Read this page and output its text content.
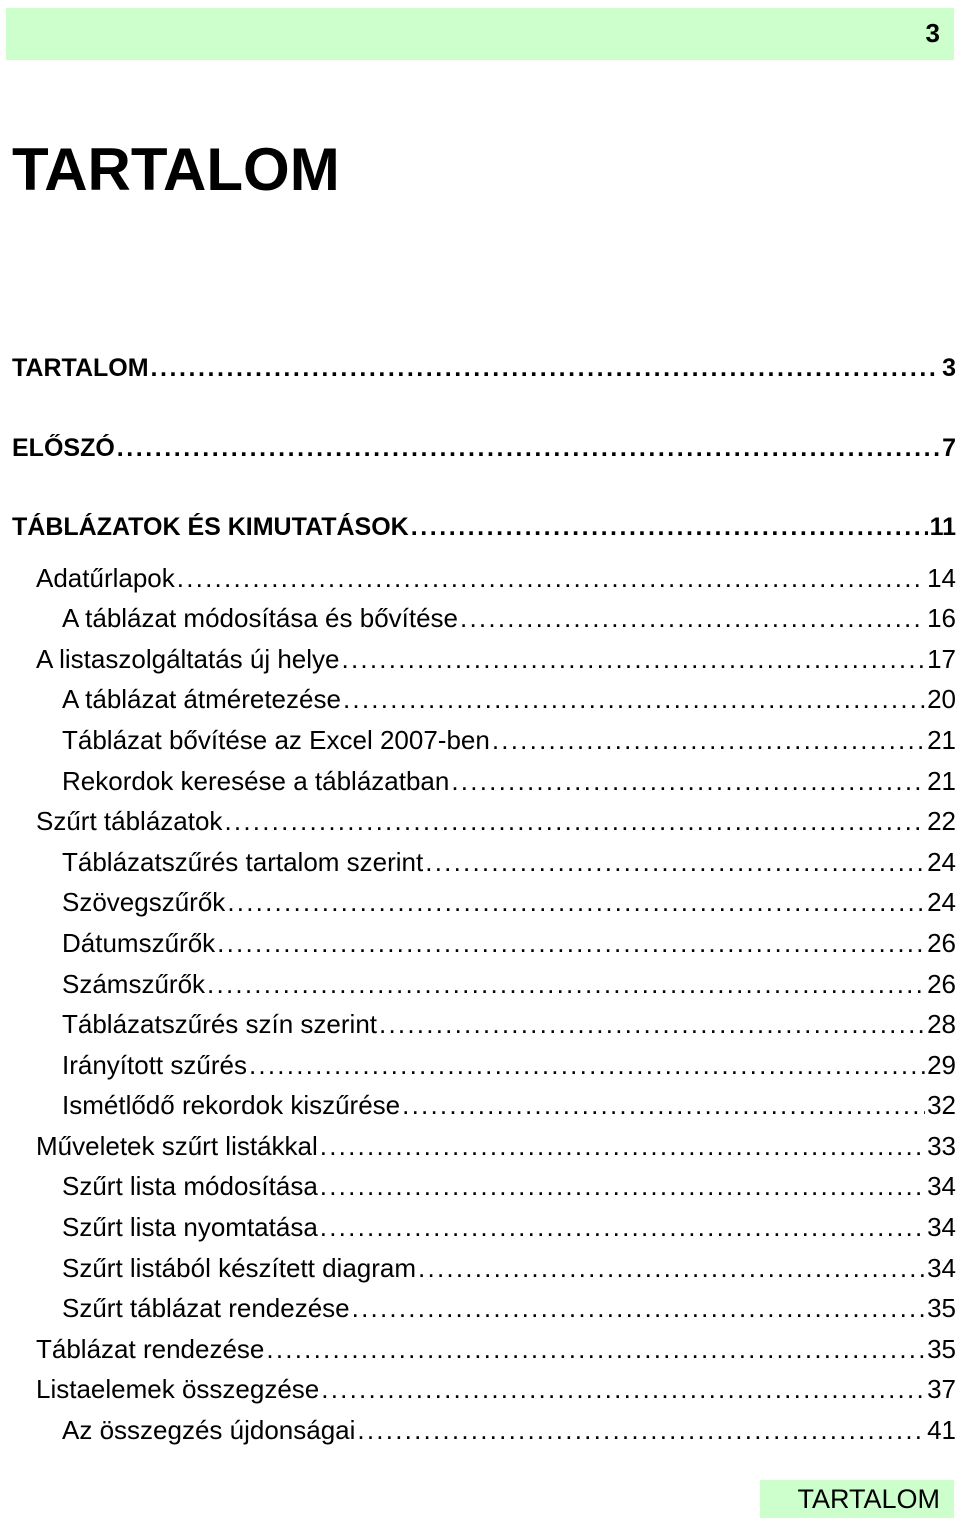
3
TARTALOM
TARTALOM . . .	3
ELŐSZÓ . . .	7
TÁBLÁZATOK ÉS KIMUTATÁSOK . . .	11
Adatűrlapok . . .	14
A táblázat módosítása és bővítése . . .	16
A listaszolgáltatás új helye . . .	17
A táblázat átméretezése . . .	20
Táblázat bővítése az Excel 2007-ben . . .	21
Rekordok keresése a táblázatban . . .	21
Szűrt táblázatok . . .	22
Táblázatszűrés tartalom szerint . . .	24
Szövegszűrők . . .	24
Dátumszűrők . . .	26
Számszűrők . . .	26
Táblázatszűrés szín szerint . . .	28
Irányított szűrés . . .	29
Ismétlődő rekordok kiszűrése . . .	32
Műveletek szűrt listákkal . . .	33
Szűrt lista módosítása . . .	34
Szűrt lista nyomtatása . . .	34
Szűrt listából készített diagram . . .	34
Szűrt táblázat rendezése . . .	35
Táblázat rendezése . . .	35
Listaelemek összegzése . . .	37
Az összegzés újdonságai . . .	41
TARTALOM
